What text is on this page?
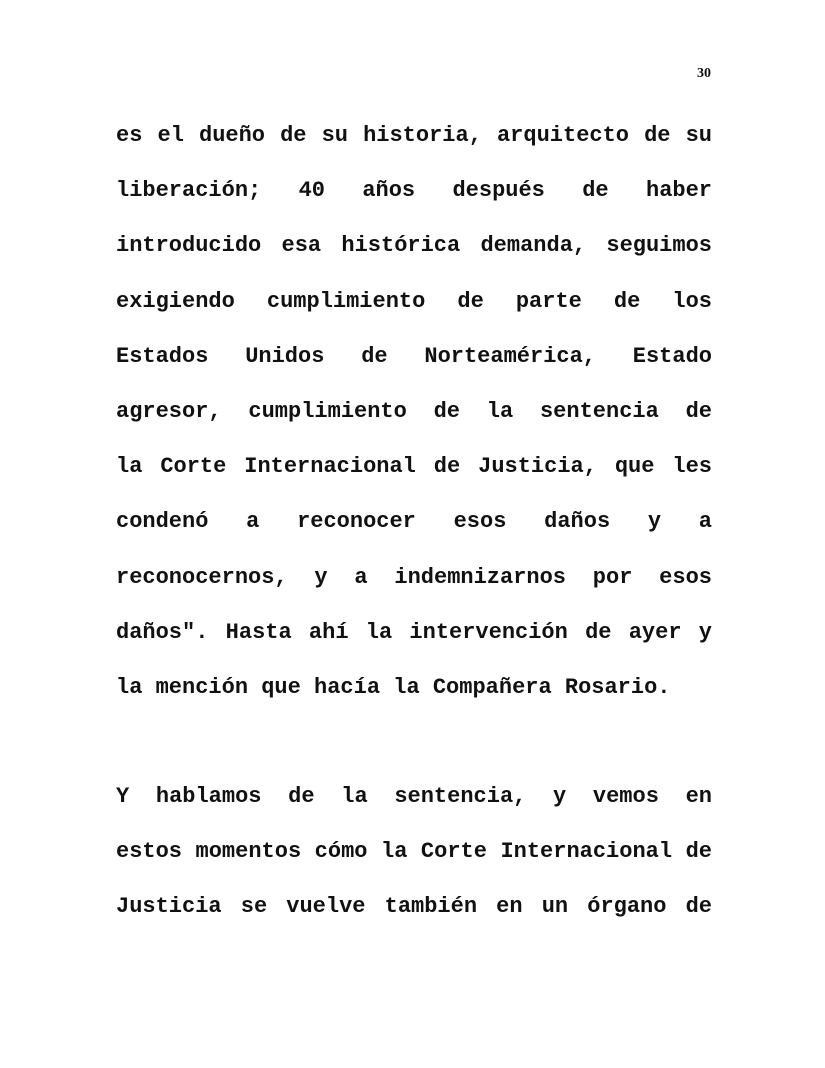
30
es el dueño de su historia, arquitecto de su
liberación; 40 años después de haber
introducido esa histórica demanda, seguimos
exigiendo cumplimiento de parte de los
Estados Unidos de Norteamérica, Estado
agresor, cumplimiento de la sentencia de
la Corte Internacional de Justicia, que les
condenó a reconocer esos daños y a
reconocernos, y a indemnizarnos por esos
daños". Hasta ahí la intervención de ayer y
la mención que hacía la Compañera Rosario.
Y hablamos de la sentencia, y vemos en
estos momentos cómo la Corte Internacional de
Justicia se vuelve también en un órgano de
